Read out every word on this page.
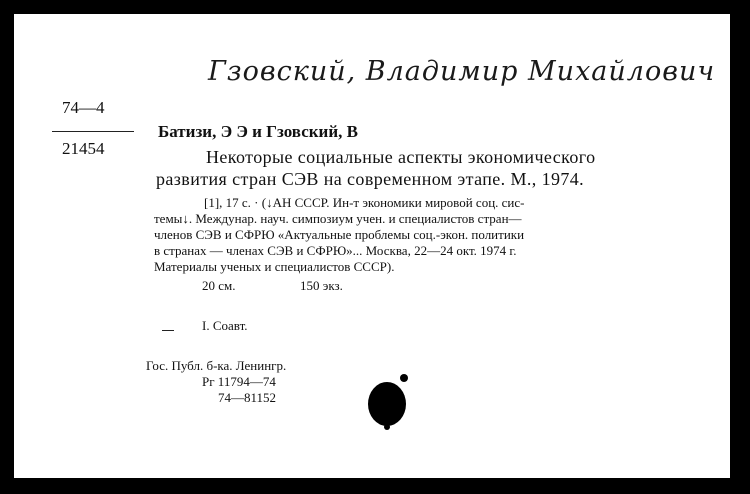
Гзовский, Владимир Михайлович
74—4
21454
Батизи, Э Э и Гзовский, В
Некоторые социальные аспекты экономического
развития стран СЭВ на современном этапе. М., 1974.
[1], 17 с. · (↓АН СССР. Ин-т экономики мировой соц. сис-
темы↓. Междунар. науч. симпозиум учен. и специалистов стран—
членов СЭВ и СФРЮ «Актуальные проблемы соц.-экон. политики
в странах — членах СЭВ и СФРЮ»... Москва, 22—24 окт. 1974 г.
Материалы ученых и специалистов СССР).
20 см.	150 экз.
I. Соавт.
Гос. Публ. б-ка. Ленингр.
Рг 11794—74
74—81152
